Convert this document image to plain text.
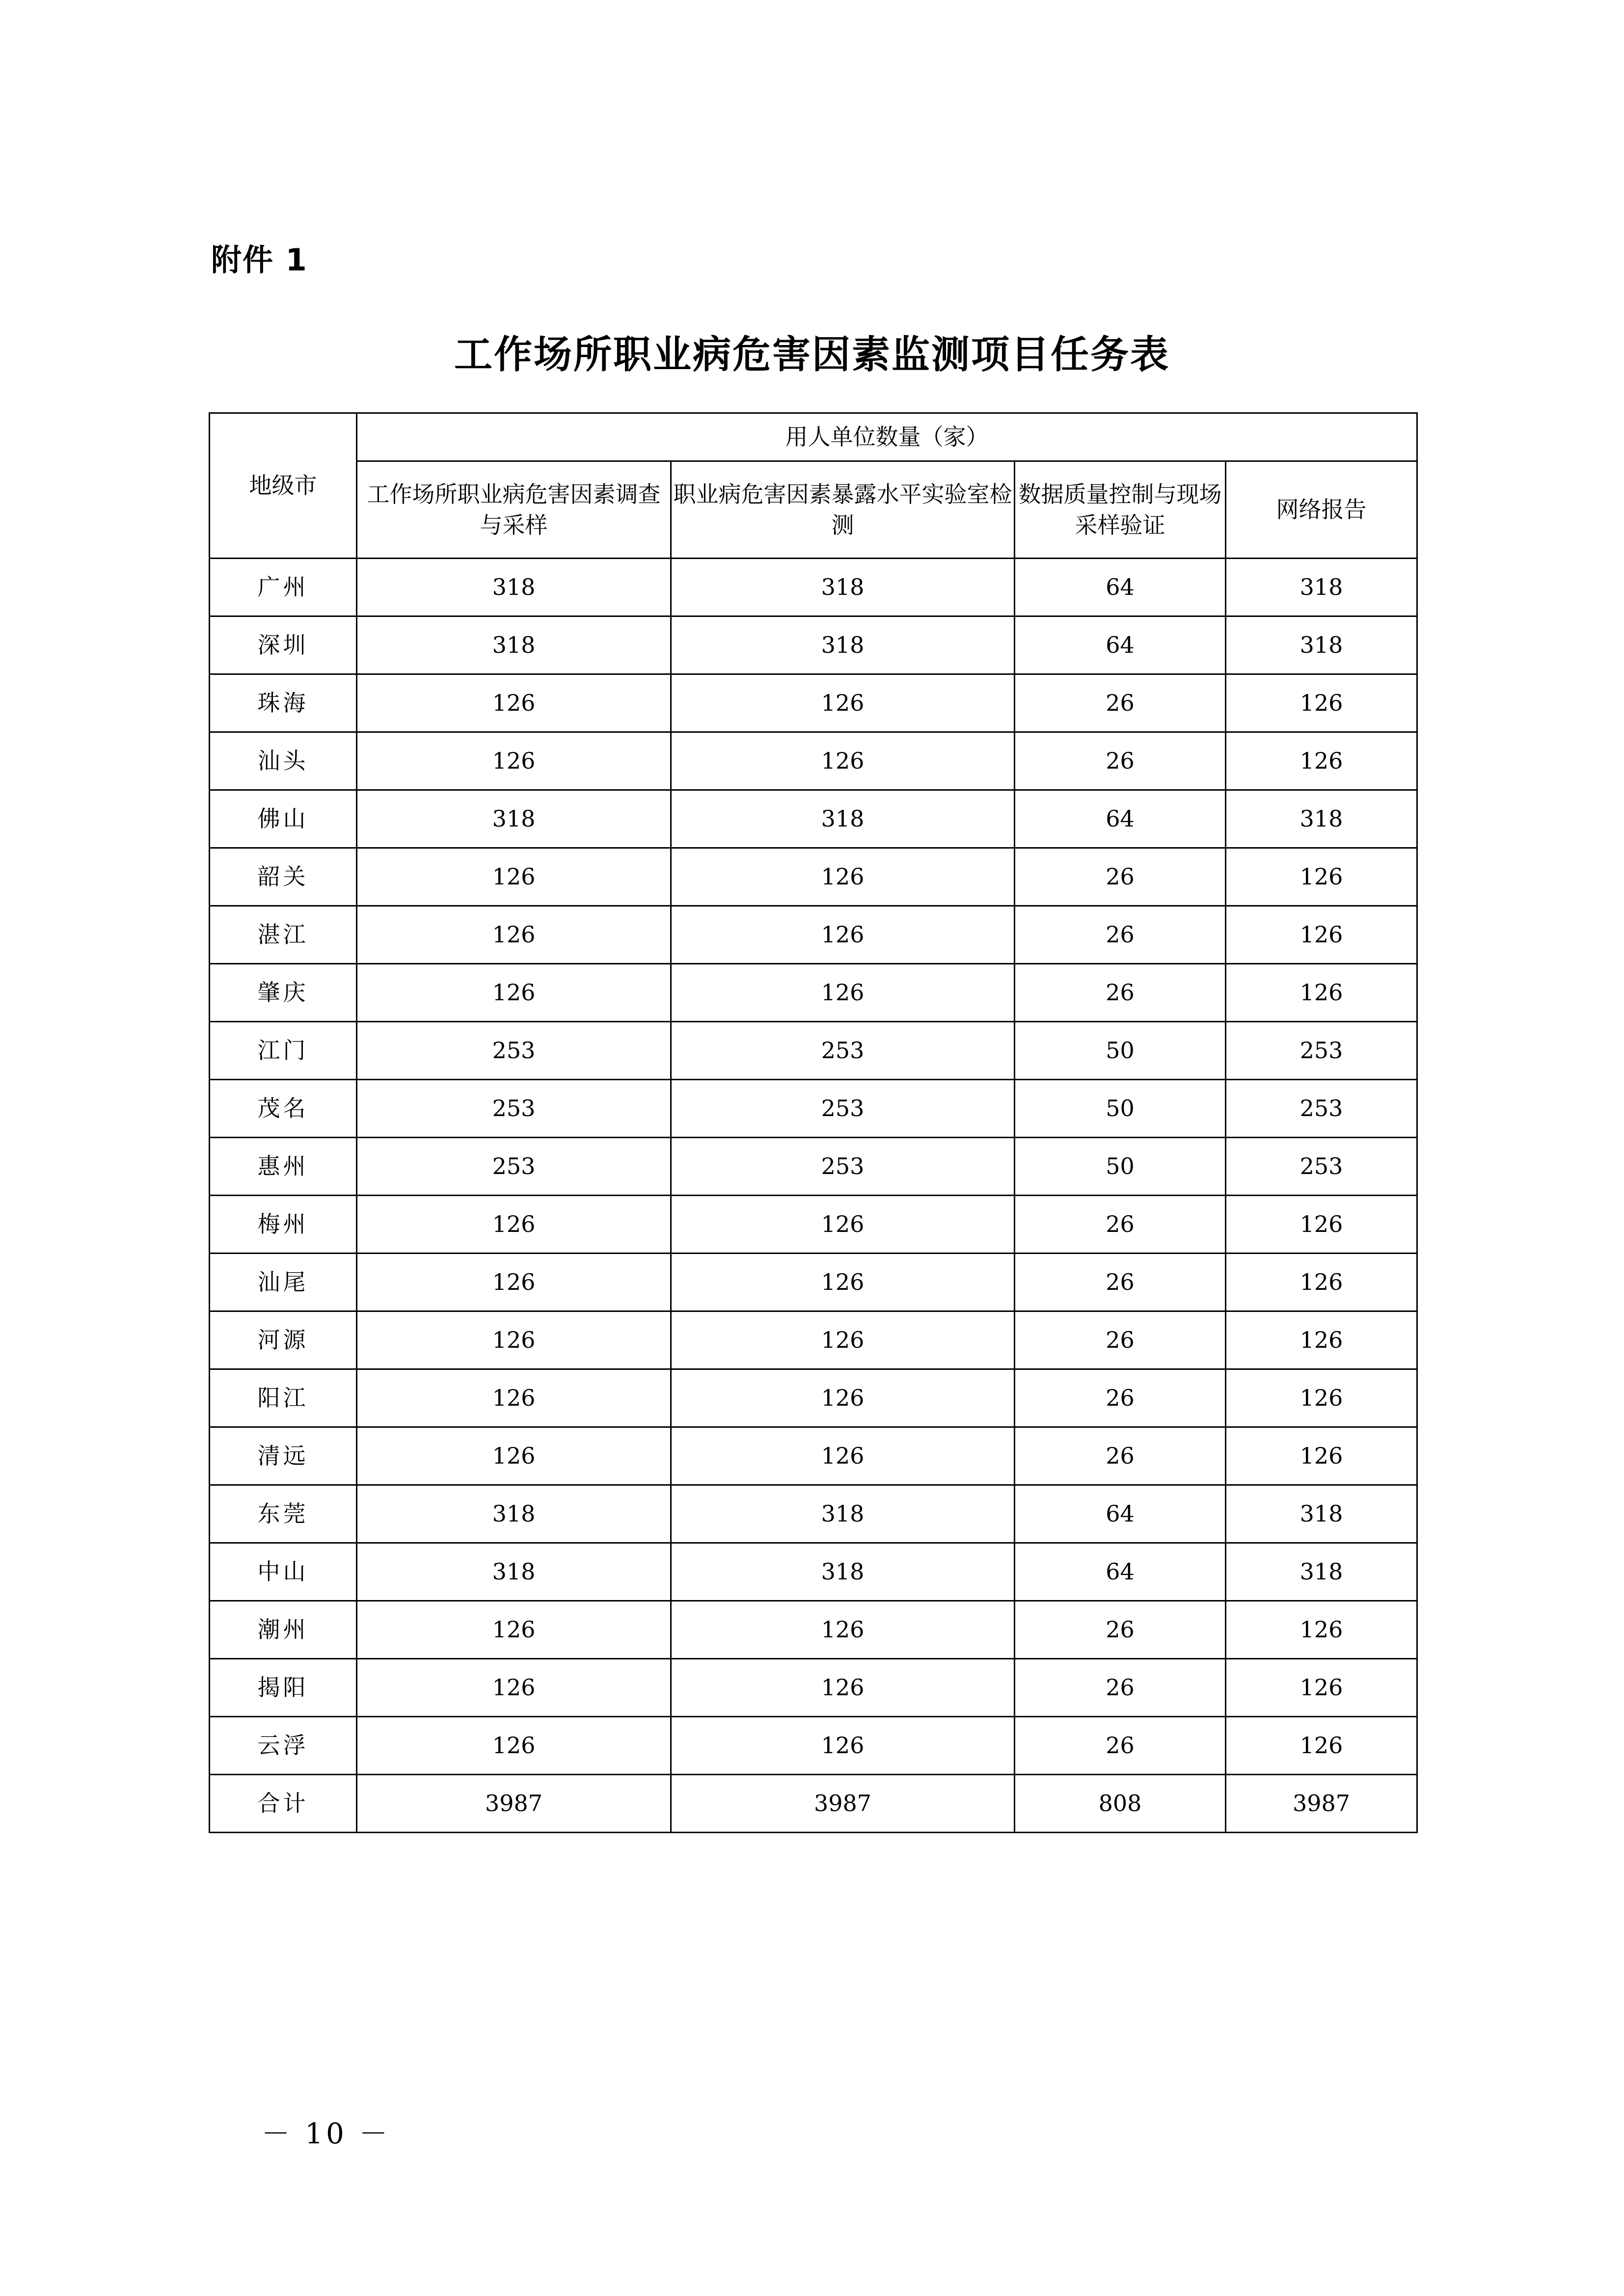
附件 1
工作场所职业病危害因素监测项目任务表
地级市	用人单位数量（家）			
	工作场所职业病危害因素调查与采样	职业病危害因素暴露水平实验室检测	数据质量控制与现场采样验证	网络报告
广州	318	318	64	318
深圳	318	318	64	318
珠海	126	126	26	126
汕头	126	126	26	126
佛山	318	318	64	318
韶关	126	126	26	126
湛江	126	126	26	126
肇庆	126	126	26	126
江门	253	253	50	253
茂名	253	253	50	253
惠州	253	253	50	253
梅州	126	126	26	126
汕尾	126	126	26	126
河源	126	126	26	126
阳江	126	126	26	126
清远	126	126	26	126
东莞	318	318	64	318
中山	318	318	64	318
潮州	126	126	26	126
揭阳	126	126	26	126
云浮	126	126	26	126
合计	3987	3987	808	3987
－ 10 －
